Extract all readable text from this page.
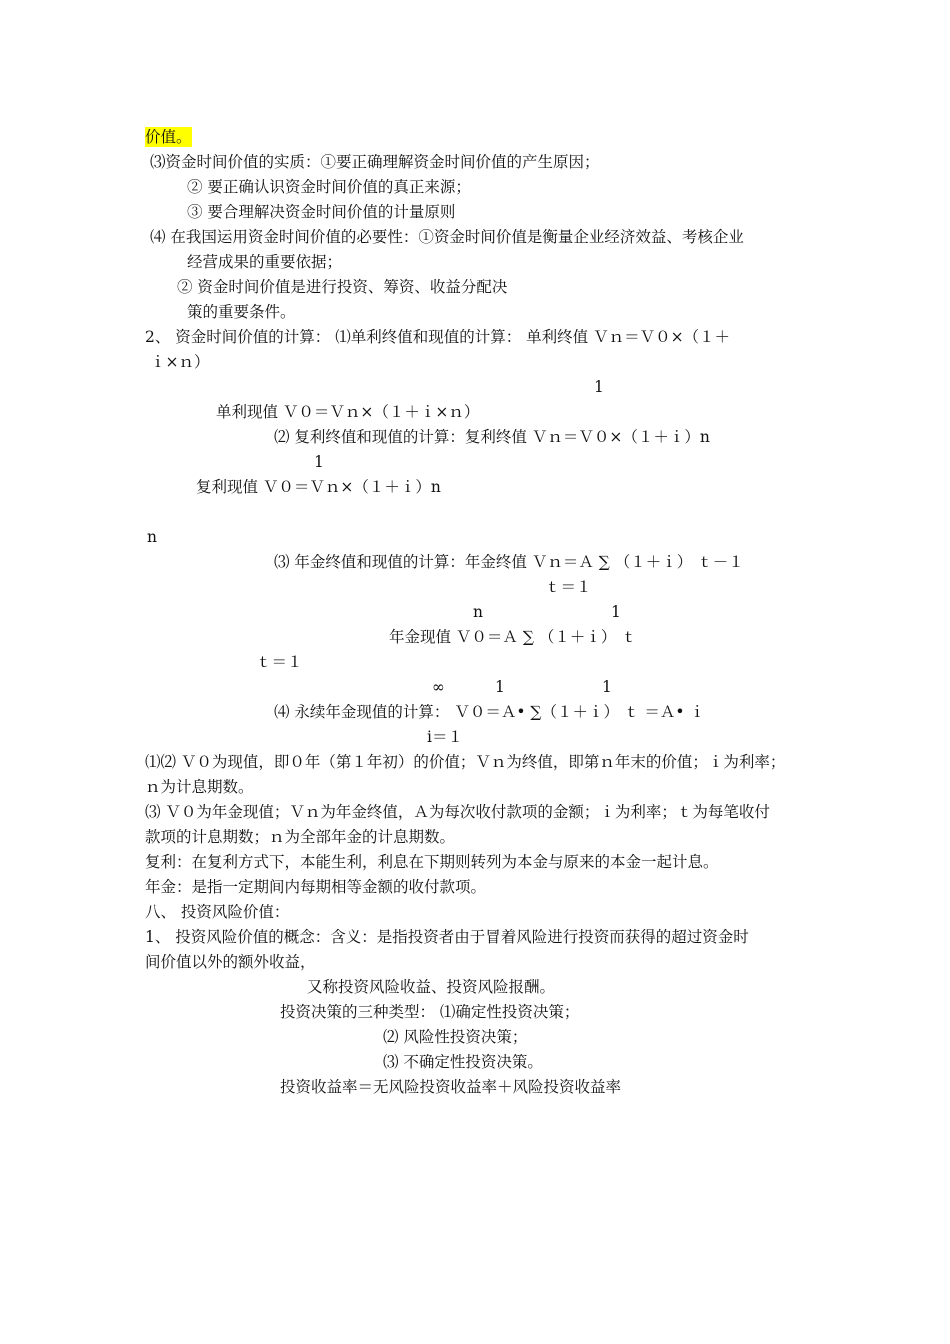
价值。
⑶资金时间价值的实质：①要正确理解资金时间价值的产生原因；
② 要正确认识资金时间价值的真正来源；
③ 要合理解决资金时间价值的计量原则
⑷ 在我国运用资金时间价值的必要性：①资金时间价值是衡量企业经济效益、考核企业
经营成果的重要依据；
② 资金时间价值是进行投资、筹资、收益分配决
策的重要条件。
2、 资金时间价值的计算： ⑴单利终值和现值的计算： 单利终值 Ｖｎ＝Ｖ０×（１＋
ｉ×ｎ）
1
单利现值 Ｖ０＝Ｖｎ×（１＋ｉ×ｎ）
⑵ 复利终值和现值的计算：复利终值 Ｖｎ＝Ｖ０×（１＋ｉ）n
1
复利现值 Ｖ０＝Ｖｎ×（１＋ｉ）n
n
⑶ 年金终值和现值的计算：年金终值 Ｖｎ＝Ａ ∑ （１＋ｉ） ｔ－１
ｔ＝１
n	1
年金现值 Ｖ０＝Ａ ∑ （１＋ｉ） ｔ
ｔ＝１
∞	1	1
⑷ 永续年金现值的计算： Ｖ０＝Ａ• ∑（１＋ｉ） ｔ ＝Ａ• ｉ
i＝１
⑴⑵ Ｖ０为现值，即０年（第１年初）的价值；Ｖｎ为终值，即第ｎ年末的价值；ｉ为利率；
ｎ为计息期数。
⑶ Ｖ０为年金现值；Ｖｎ为年金终值，Ａ为每次收付款项的金额；ｉ为利率；ｔ为每笔收付
款项的计息期数；ｎ为全部年金的计息期数。
复利：在复利方式下，本能生利，利息在下期则转列为本金与原来的本金一起计息。
年金：是指一定期间内每期相等金额的收付款项。
八、 投资风险价值：
1、 投资风险价值的概念：含义：是指投资者由于冒着风险进行投资而获得的超过资金时
间价值以外的额外收益，
又称投资风险收益、投资风险报酬。
投资决策的三种类型： ⑴确定性投资决策；
⑵ 风险性投资决策；
⑶ 不确定性投资决策。
投资收益率＝无风险投资收益率＋风险投资收益率
